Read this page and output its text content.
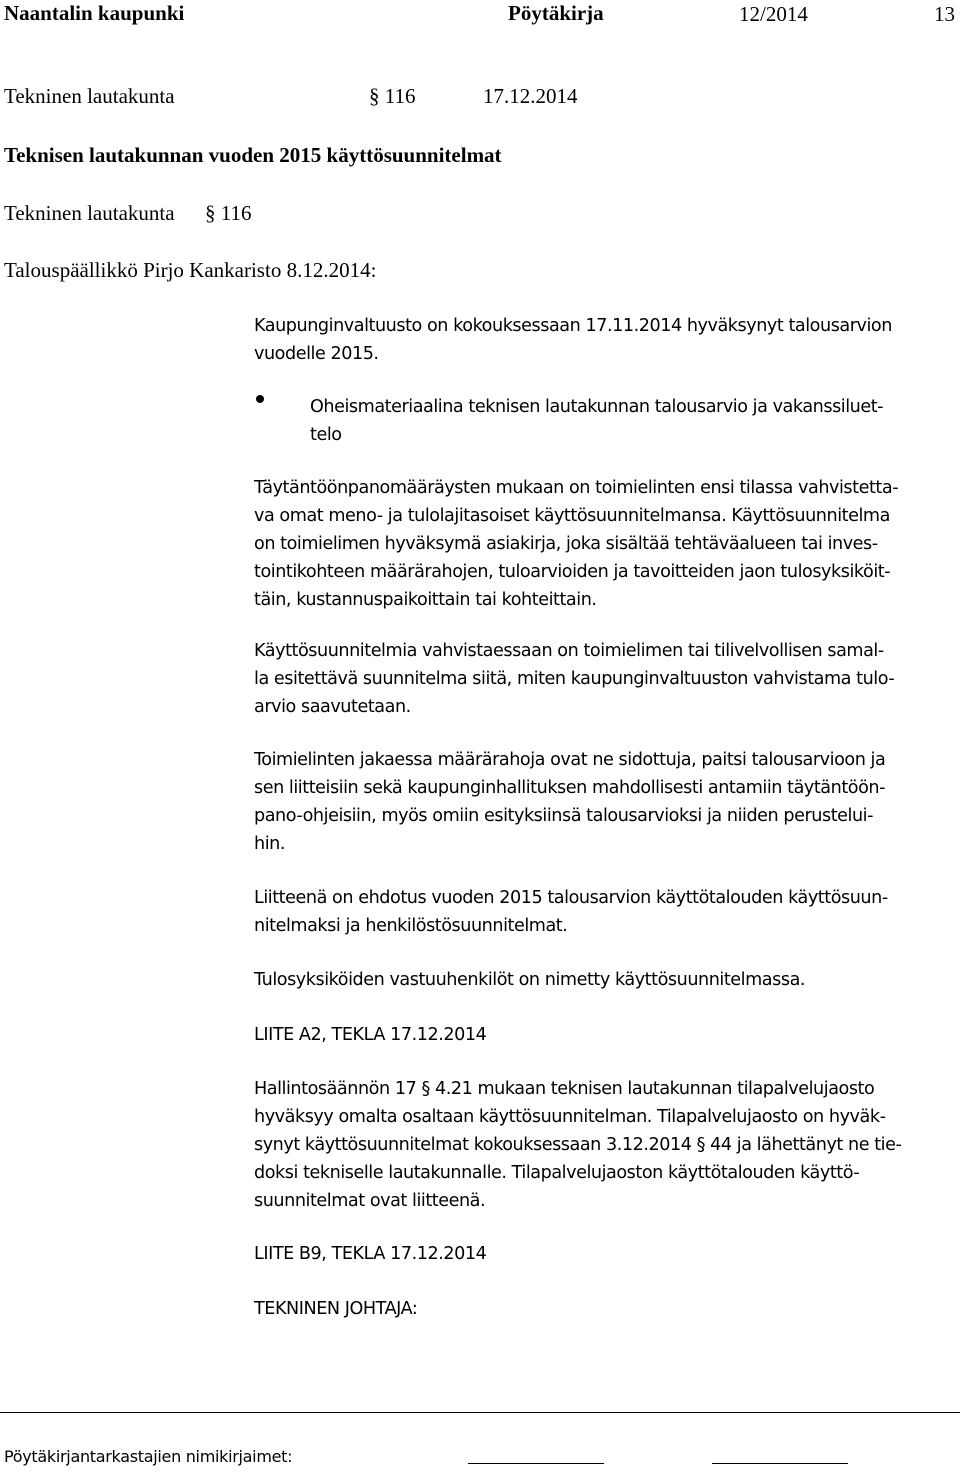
Naantalin kaupunki	Pöytäkirja	12/2014	13
Tekninen lautakunta	§ 116	17.12.2014
Teknisen lautakunnan vuoden 2015 käyttösuunnitelmat
Tekninen lautakunta § 116
Talouspäällikkö Pirjo Kankaristo 8.12.2014:

Kaupunginvaltuusto on kokouksessaan 17.11.2014 hyväksynyt talousarvion

vuodelle 2015.

Oheismateriaalina teknisen lautakunnan talousarvio ja vakanssiluet-

telo

Täytäntöönpanomääräysten mukaan on toimielinten ensi tilassa vahvistetta-

va omat meno- ja tulolajitasoiset käyttösuunnitelmansa. Käyttösuunnitelma

on toimielimen hyväksymä asiakirja, joka sisältää tehtäväalueen tai inves-

tointikohteen määrärahojen, tuloarvioiden ja tavoitteiden jaon tulosyksiköit-

täin, kustannuspaikoittain tai kohteittain.

Käyttösuunnitelmia vahvistaessaan on toimielimen tai tilivelvollisen samal-

la esitettävä suunnitelma siitä, miten kaupunginvaltuuston vahvistama tulo-

arvio saavutetaan.

Toimielinten jakaessa määrärahoja ovat ne sidottuja, paitsi talousarvioon ja

sen liitteisiin sekä kaupunginhallituksen mahdollisesti antamiin täytäntöön-

pano-ohjeisiin, myös omiin esityksiinsä talousarvioksi ja niiden perustelui-

hin.

Liitteenä on ehdotus vuoden 2015 talousarvion käyttötalouden käyttösuun-

nitelmaksi ja henkilöstösuunnitelmat.

Tulosyksiköiden vastuuhenkilöt on nimetty käyttösuunnitelmassa.

LIITE A2, TEKLA 17.12.2014

Hallintosäännön 17 § 4.21 mukaan teknisen lautakunnan tilapalvelujaosto

hyväksyy omalta osaltaan käyttösuunnitelman. Tilapalvelujaosto on hyväk-

synyt käyttösuunnitelmat kokouksessaan 3.12.2014 § 44 ja lähettänyt ne tie-

doksi tekniselle lautakunnalle. Tilapalvelujaoston käyttötalouden käyttö-

suunnitelmat ovat liitteenä.

LIITE B9, TEKLA 17.12.2014

TEKNINEN JOHTAJA:

Pöytäkirjantarkastajien nimikirjaimet:
